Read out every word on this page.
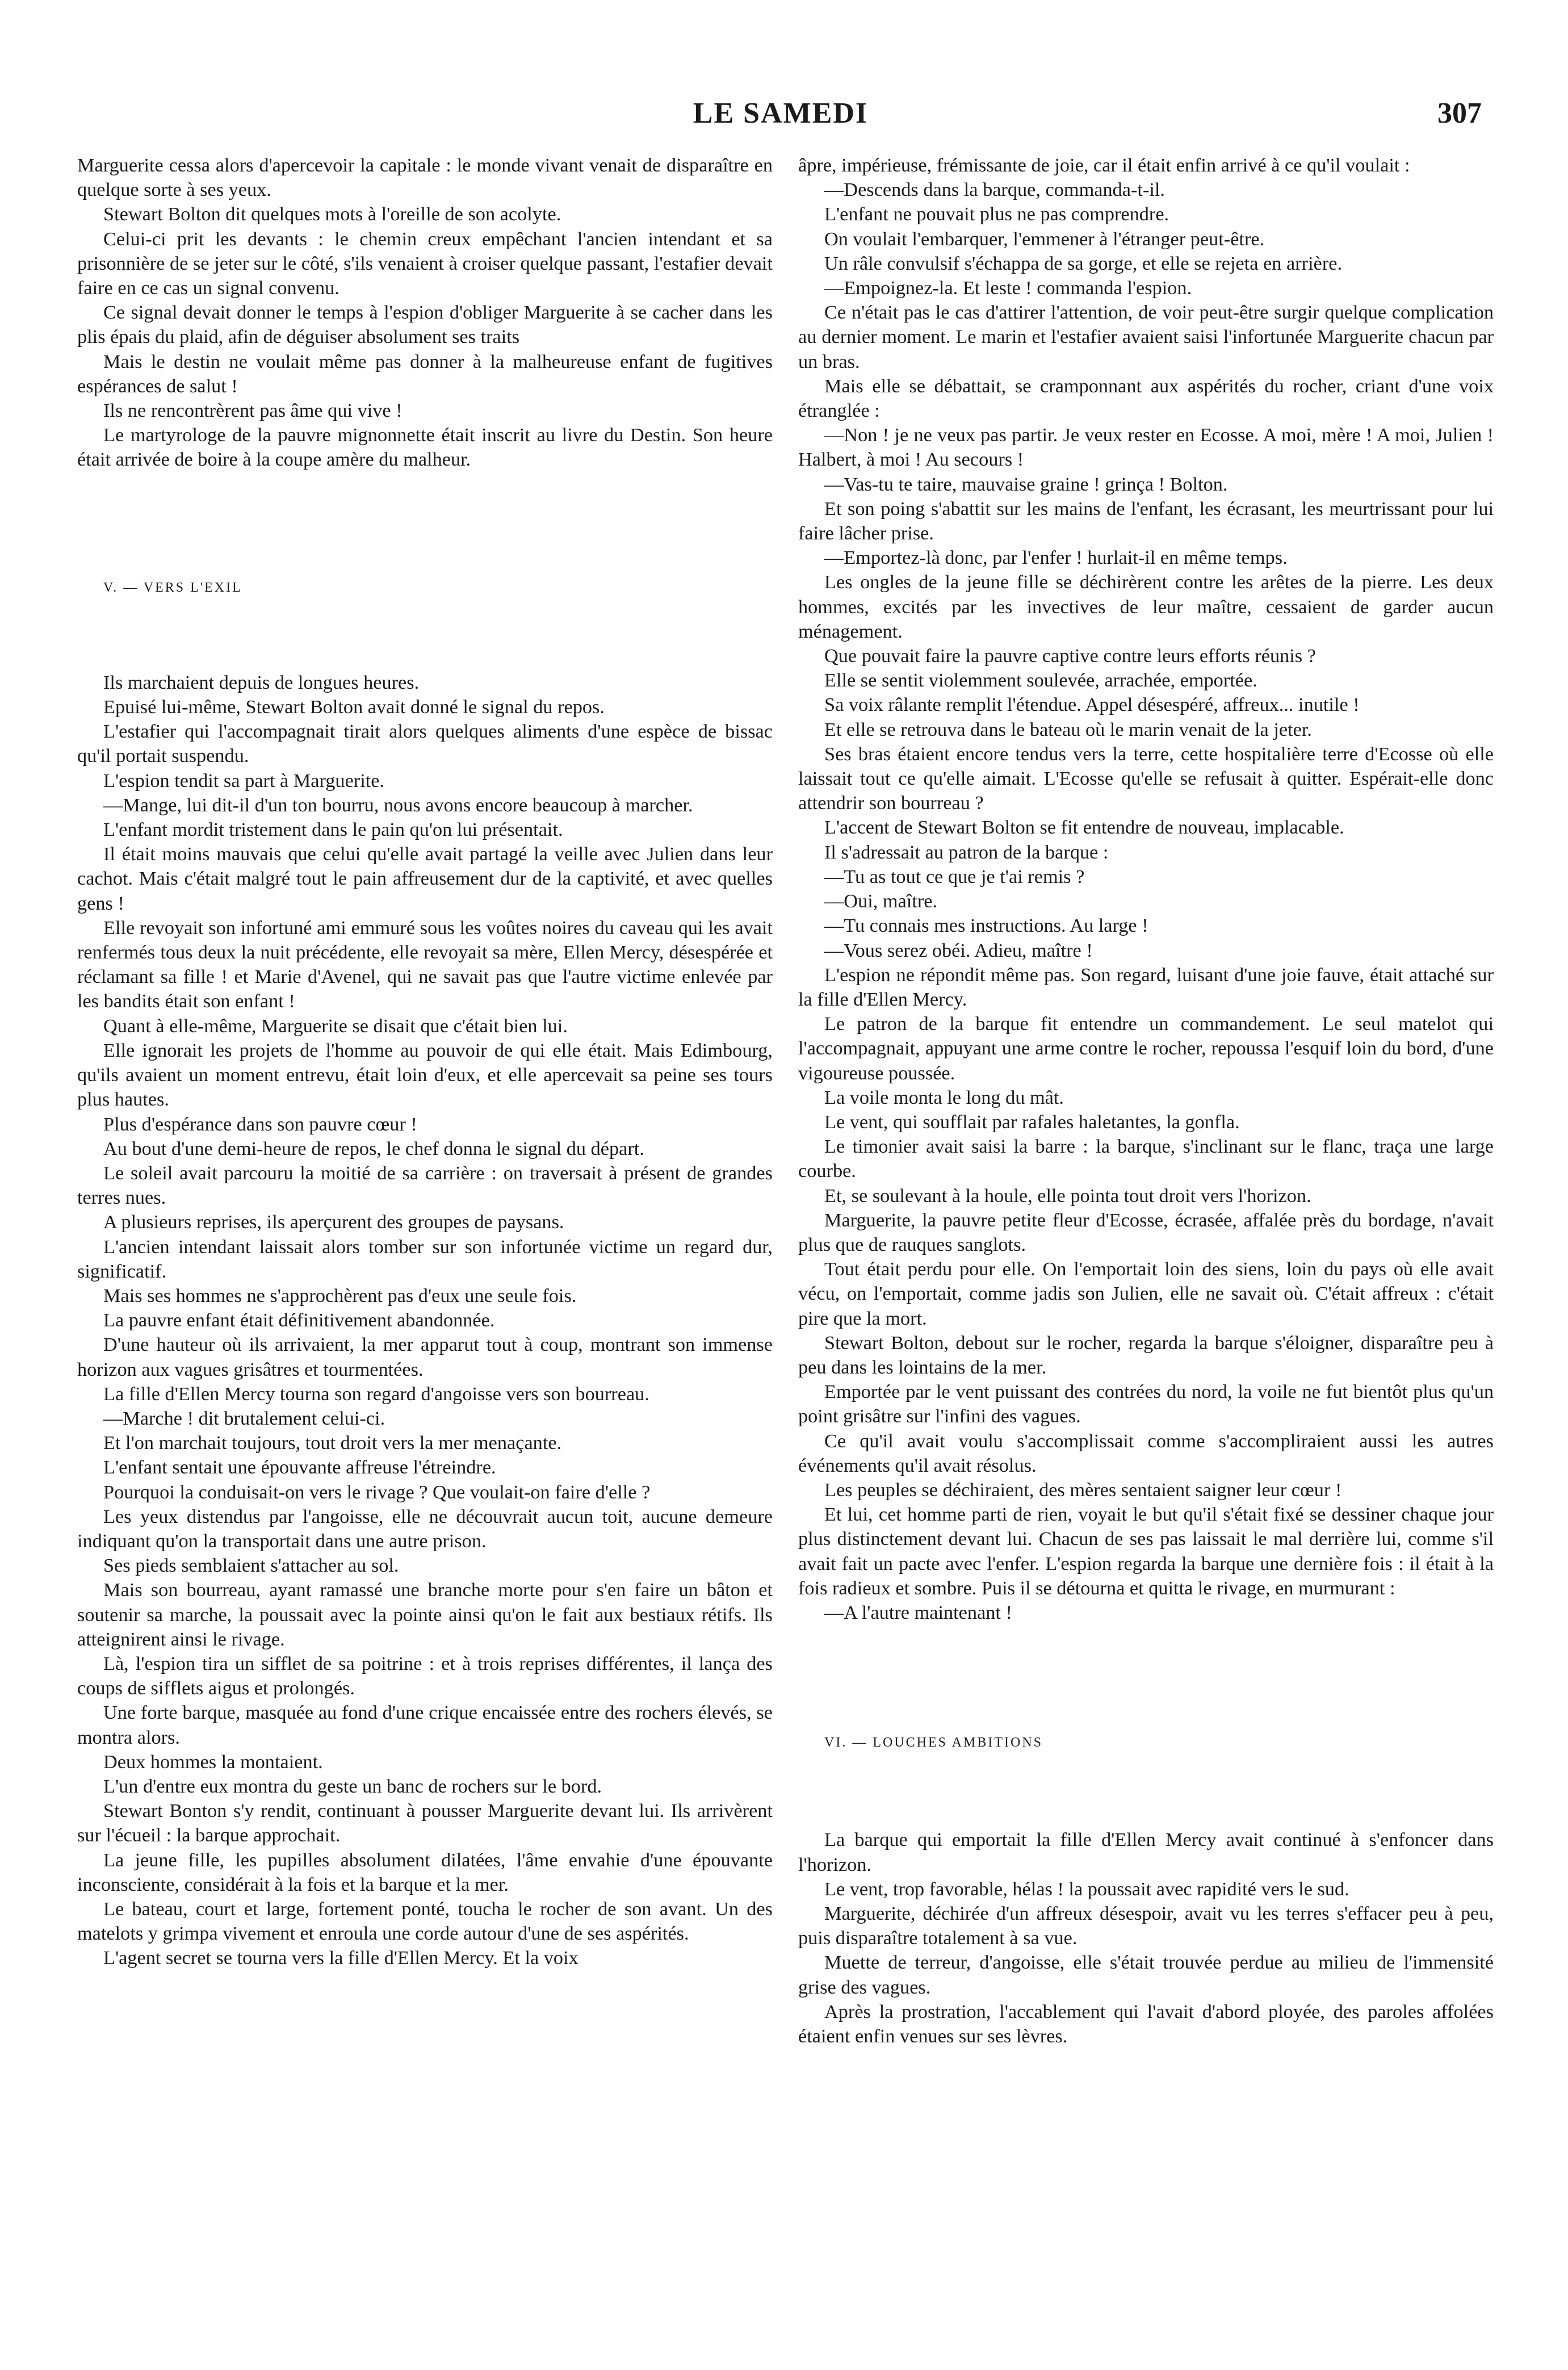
LE SAMEDI	307

Marguerite cessa alors d'apercevoir la capitale : le monde vivant venait de disparaître en quelque sorte à ses yeux.

Stewart Bolton dit quelques mots à l'oreille de son acolyte.

Celui-ci prit les devants : le chemin creux empêchant l'ancien intendant et sa prisonnière de se jeter sur le côté, s'ils venaient à croiser quelque passant, l'estafier devait faire en ce cas un signal convenu.

Ce signal devait donner le temps à l'espion d'obliger Marguerite à se cacher dans les plis épais du plaid, afin de déguiser absolument ses traits

Mais le destin ne voulait même pas donner à la malheureuse enfant de fugitives espérances de salut !

Ils ne rencontrèrent pas âme qui vive !

Le martyrologe de la pauvre mignonnette était inscrit au livre du Destin. Son heure était arrivée de boire à la coupe amère du malheur.

V. — VERS L'EXIL

Ils marchaient depuis de longues heures.

Epuisé lui-même, Stewart Bolton avait donné le signal du repos.

L'estafier qui l'accompagnait tirait alors quelques aliments d'une espèce de bissac qu'il portait suspendu.

L'espion tendit sa part à Marguerite.

—Mange, lui dit-il d'un ton bourru, nous avons encore beaucoup à marcher.

L'enfant mordit tristement dans le pain qu'on lui présentait.

Il était moins mauvais que celui qu'elle avait partagé la veille avec Julien dans leur cachot. Mais c'était malgré tout le pain affreusement dur de la captivité, et avec quelles gens !

Elle revoyait son infortuné ami emmuré sous les voûtes noires du caveau qui les avait renfermés tous deux la nuit précédente, elle revoyait sa mère, Ellen Mercy, désespérée et réclamant sa fille ! et Marie d'Avenel, qui ne savait pas que l'autre victime enlevée par les bandits était son enfant !

Quant à elle-même, Marguerite se disait que c'était bien lui.

Elle ignorait les projets de l'homme au pouvoir de qui elle était. Mais Edimbourg, qu'ils avaient un moment entrevu, était loin d'eux, et elle apercevait sa peine ses tours plus hautes.

Plus d'espérance dans son pauvre cœur !

Au bout d'une demi-heure de repos, le chef donna le signal du départ.

Le soleil avait parcouru la moitié de sa carrière : on traversait à présent de grandes terres nues.

A plusieurs reprises, ils aperçurent des groupes de paysans.

L'ancien intendant laissait alors tomber sur son infortunée victime un regard dur, significatif.

Mais ses hommes ne s'approchèrent pas d'eux une seule fois.

La pauvre enfant était définitivement abandonnée.

D'une hauteur où ils arrivaient, la mer apparut tout à coup, montrant son immense horizon aux vagues grisâtres et tourmentées.

La fille d'Ellen Mercy tourna son regard d'angoisse vers son bourreau.

—Marche ! dit brutalement celui-ci.

Et l'on marchait toujours, tout droit vers la mer menaçante.

L'enfant sentait une épouvante affreuse l'étreindre.

Pourquoi la conduisait-on vers le rivage ? Que voulait-on faire d'elle ?

Les yeux distendus par l'angoisse, elle ne découvrait aucun toit, aucune demeure indiquant qu'on la transportait dans une autre prison.

Ses pieds semblaient s'attacher au sol.

Mais son bourreau, ayant ramassé une branche morte pour s'en faire un bâton et soutenir sa marche, la poussait avec la pointe ainsi qu'on le fait aux bestiaux rétifs. Ils atteignirent ainsi le rivage.

Là, l'espion tira un sifflet de sa poitrine : et à trois reprises différentes, il lança des coups de sifflets aigus et prolongés.

Une forte barque, masquée au fond d'une crique encaissée entre des rochers élevés, se montra alors.

Deux hommes la montaient.

L'un d'entre eux montra du geste un banc de rochers sur le bord.

Stewart Bonton s'y rendit, continuant à pousser Marguerite devant lui. Ils arrivèrent sur l'écueil : la barque approchait.

La jeune fille, les pupilles absolument dilatées, l'âme envahie d'une épouvante inconsciente, considérait à la fois et la barque et la mer.

Le bateau, court et large, fortement ponté, toucha le rocher de son avant. Un des matelots y grimpa vivement et enroula une corde autour d'une de ses aspérités.

L'agent secret se tourna vers la fille d'Ellen Mercy. Et la voix

âpre, impérieuse, frémissante de joie, car il était enfin arrivé à ce qu'il voulait :

—Descends dans la barque, commanda-t-il.

L'enfant ne pouvait plus ne pas comprendre.

On voulait l'embarquer, l'emmener à l'étranger peut-être.

Un râle convulsif s'échappa de sa gorge, et elle se rejeta en arrière.

—Empoignez-la. Et leste ! commanda l'espion.

Ce n'était pas le cas d'attirer l'attention, de voir peut-être surgir quelque complication au dernier moment. Le marin et l'estafier avaient saisi l'infortunée Marguerite chacun par un bras.

Mais elle se débattait, se cramponnant aux aspérités du rocher, criant d'une voix étranglée :

—Non ! je ne veux pas partir. Je veux rester en Ecosse. A moi, mère ! A moi, Julien ! Halbert, à moi ! Au secours !

—Vas-tu te taire, mauvaise graine ! grinça ! Bolton.

Et son poing s'abattit sur les mains de l'enfant, les écrasant, les meurtrissant pour lui faire lâcher prise.

—Emportez-là donc, par l'enfer ! hurlait-il en même temps.

Les ongles de la jeune fille se déchirèrent contre les arêtes de la pierre. Les deux hommes, excités par les invectives de leur maître, cessaient de garder aucun ménagement.

Que pouvait faire la pauvre captive contre leurs efforts réunis ?

Elle se sentit violemment soulevée, arrachée, emportée.

Sa voix râlante remplit l'étendue. Appel désespéré, affreux... inutile !

Et elle se retrouva dans le bateau où le marin venait de la jeter.

Ses bras étaient encore tendus vers la terre, cette hospitalière terre d'Ecosse où elle laissait tout ce qu'elle aimait. L'Ecosse qu'elle se refusait à quitter. Espérait-elle donc attendrir son bourreau ?

L'accent de Stewart Bolton se fit entendre de nouveau, implacable.

Il s'adressait au patron de la barque :

—Tu as tout ce que je t'ai remis ?

—Oui, maître.

—Tu connais mes instructions. Au large !

—Vous serez obéi. Adieu, maître !

L'espion ne répondit même pas. Son regard, luisant d'une joie fauve, était attaché sur la fille d'Ellen Mercy.

Le patron de la barque fit entendre un commandement. Le seul matelot qui l'accompagnait, appuyant une arme contre le rocher, repoussa l'esquif loin du bord, d'une vigoureuse poussée.

La voile monta le long du mât.

Le vent, qui soufflait par rafales haletantes, la gonfla.

Le timonier avait saisi la barre : la barque, s'inclinant sur le flanc, traça une large courbe.

Et, se soulevant à la houle, elle pointa tout droit vers l'horizon.

Marguerite, la pauvre petite fleur d'Ecosse, écrasée, affalée près du bordage, n'avait plus que de rauques sanglots.

Tout était perdu pour elle. On l'emportait loin des siens, loin du pays où elle avait vécu, on l'emportait, comme jadis son Julien, elle ne savait où. C'était affreux : c'était pire que la mort.

Stewart Bolton, debout sur le rocher, regarda la barque s'éloigner, disparaître peu à peu dans les lointains de la mer.

Emportée par le vent puissant des contrées du nord, la voile ne fut bientôt plus qu'un point grisâtre sur l'infini des vagues.

Ce qu'il avait voulu s'accomplissait comme s'accompliraient aussi les autres événements qu'il avait résolus.

Les peuples se déchiraient, des mères sentaient saigner leur cœur !

Et lui, cet homme parti de rien, voyait le but qu'il s'était fixé se dessiner chaque jour plus distinctement devant lui. Chacun de ses pas laissait le mal derrière lui, comme s'il avait fait un pacte avec l'enfer. L'espion regarda la barque une dernière fois : il était à la fois radieux et sombre. Puis il se détourna et quitta le rivage, en murmurant :

—A l'autre maintenant !

VI. — LOUCHES AMBITIONS

La barque qui emportait la fille d'Ellen Mercy avait continué à s'enfoncer dans l'horizon.

Le vent, trop favorable, hélas ! la poussait avec rapidité vers le sud.

Marguerite, déchirée d'un affreux désespoir, avait vu les terres s'effacer peu à peu, puis disparaître totalement à sa vue.

Muette de terreur, d'angoisse, elle s'était trouvée perdue au milieu de l'immensité grise des vagues.

Après la prostration, l'accablement qui l'avait d'abord ployée, des paroles affolées étaient enfin venues sur ses lèvres.
